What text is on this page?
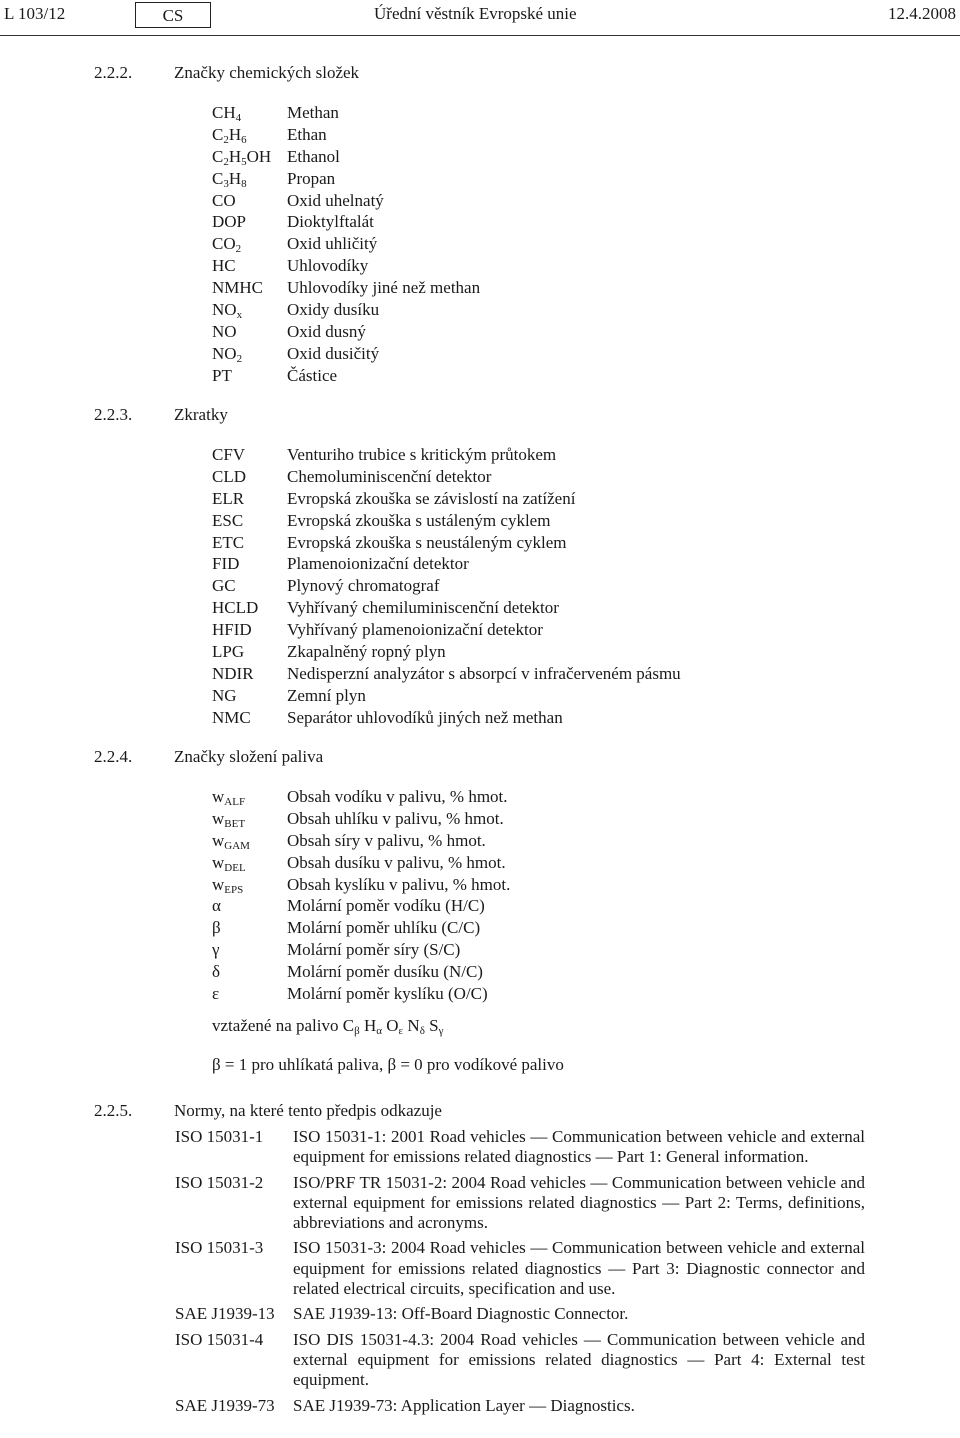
L 103/12	CS	Úřední věstník Evropské unie	12.4.2008
2.2.2. Značky chemických složek
$CH_4$	Methan
$C_2H_6$ Ethan
$C_2H_5OH$ Ethanol
$C_3H_8$ Propan
CO	Oxid uhelnatý
DOP Dioktylftalát
$CO_2$	Oxid uhličitý
HC	Uhlovodíky
NMHC Uhlovodíky jiné než methan
$NO_x$	Oxidy dusíku
NO	Oxid dusný
$NO_2$	Oxid dusičitý
PT	Částice
2.2.3. Zkratky
CFV Venturiho trubice s kritickým průtokem
CLD Chemoluminiscenční detektor
ELR	Evropská zkouška se závislostí na zatížení
ESC	Evropská zkouška s ustáleným cyklem
ETC	Evropská zkouška s neustáleným cyklem
FID	Plamenoionizační detektor
GC	Plynový chromatograf
HCLD Vyhřívaný chemiluminiscenční detektor
HFID Vyhřívaný plamenoionizační detektor
LPG	Zkapalněný ropný plyn
NDIR Nedisperzní analyzátor s absorpcí v infračerveném pásmu
NG	Zemní plyn
NMC Separátor uhlovodíků jiných než methan
2.2.4. Značky složení paliva
$w_{ALF}$ Obsah vodíku v palivu, % hmot.
$w_{BET}$ Obsah uhlíku v palivu, % hmot.
$w_{GAM}$ Obsah síry v palivu, % hmot.
$w_{DEL}$ Obsah dusíku v palivu, % hmot.
$w_{EPS}$	Obsah kyslíku v palivu, % hmot.
α	Molární poměr vodíku (H/C)
β	Molární poměr uhlíku (C/C)
γ	Molární poměr síry (S/C)
δ	Molární poměr dusíku (N/C)
ε	Molární poměr kyslíku (O/C)
vztažené na palivo $C_\beta$ $H_\alpha$ $O_\varepsilon$ $N_\delta$ $S_\gamma$
β = 1 pro uhlíkatá paliva, β = 0 pro vodíkové palivo
2.2.5. Normy, na které tento předpis odkazuje
ISO 15031-1 ISO 15031-1: 2001 Road vehicles — Communication between vehicle and external equipment for emissions related diagnostics — Part 1: General information.
ISO 15031-2 ISO/PRF TR 15031-2: 2004 Road vehicles — Communication between vehicle and external equipment for emissions related diagnostics — Part 2: Terms, definitions, abbreviations and acronyms.
ISO 15031-3 ISO 15031-3: 2004 Road vehicles — Communication between vehicle and external equipment for emissions related diagnostics — Part 3: Diagnostic connector and related electrical circuits, specification and use.
SAE J1939-13 SAE J1939-13: Off-Board Diagnostic Connector.
ISO 15031-4 ISO DIS 15031-4.3: 2004 Road vehicles — Communication between vehicle and external equipment for emissions related diagnostics — Part 4: External test equipment.
SAE J1939-73 SAE J1939-73: Application Layer — Diagnostics.
